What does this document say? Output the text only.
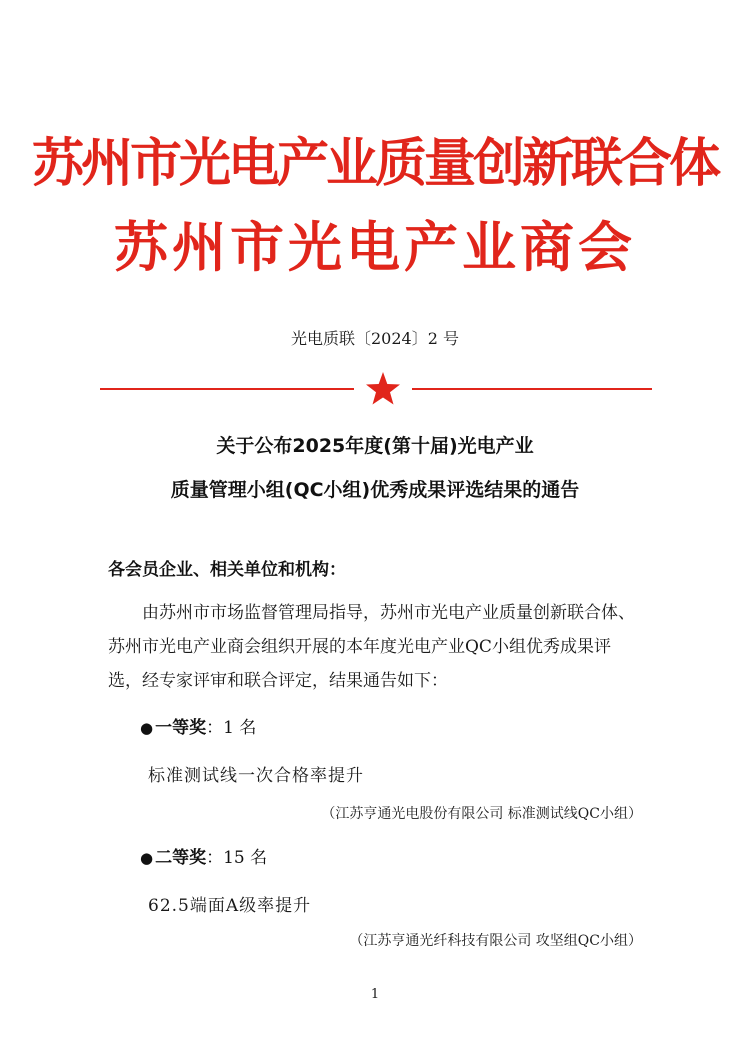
苏州市光电产业质量创新联合体
苏州市光电产业商会
光电质联〔2024〕2 号
关于公布2025年度(第十届)光电产业
质量管理小组(QC小组)优秀成果评选结果的通告
各会员企业、相关单位和机构：

由苏州市市场监督管理局指导，苏州市光电产业质量创新联合体、苏州市光电产业商会组织开展的本年度光电产业QC小组优秀成果评选，经专家评审和联合评定，结果通告如下：

● 一等奖：1 名
标准测试线一次合格率提升
（江苏亨通光电股份有限公司 标准测试线QC小组）
● 二等奖：15 名
62.5端面A级率提升
（江苏亨通光纤科技有限公司 攻坚组QC小组）
1
